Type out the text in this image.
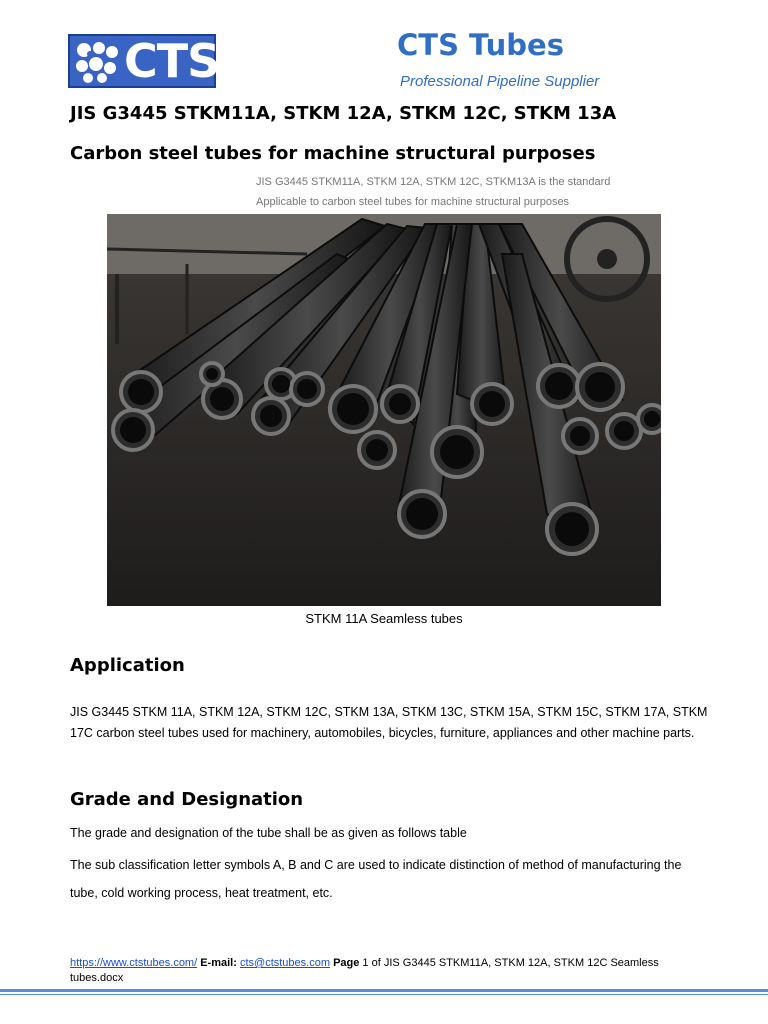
CTS	CTS Tubes
Professional Pipeline Supplier
JIS G3445 STKM11A, STKM 12A, STKM 12C, STKM 13A
Carbon steel tubes for machine structural purposes
JIS G3445 STKM11A, STKM 12A, STKM 12C, STKM13A is the standard
Applicable to carbon steel tubes for machine structural purposes
STKM 11A Seamless tubes
Application
JIS G3445 STKM 11A, STKM 12A, STKM 12C, STKM 13A, STKM 13C, STKM 15A, STKM 15C, STKM 17A, STKM 17C carbon steel tubes used for machinery, automobiles, bicycles, furniture, appliances and other machine parts.
Grade and Designation
The grade and designation of the tube shall be as given as follows table
The sub classification letter symbols A, B and C are used to indicate distinction of method of manufacturing the tube, cold working process, heat treatment, etc.
https://www.ctstubes.com/ E-mail: cts@ctstubes.com Page 1 of JIS G3445 STKM11A, STKM 12A, STKM 12C Seamless tubes.docx
